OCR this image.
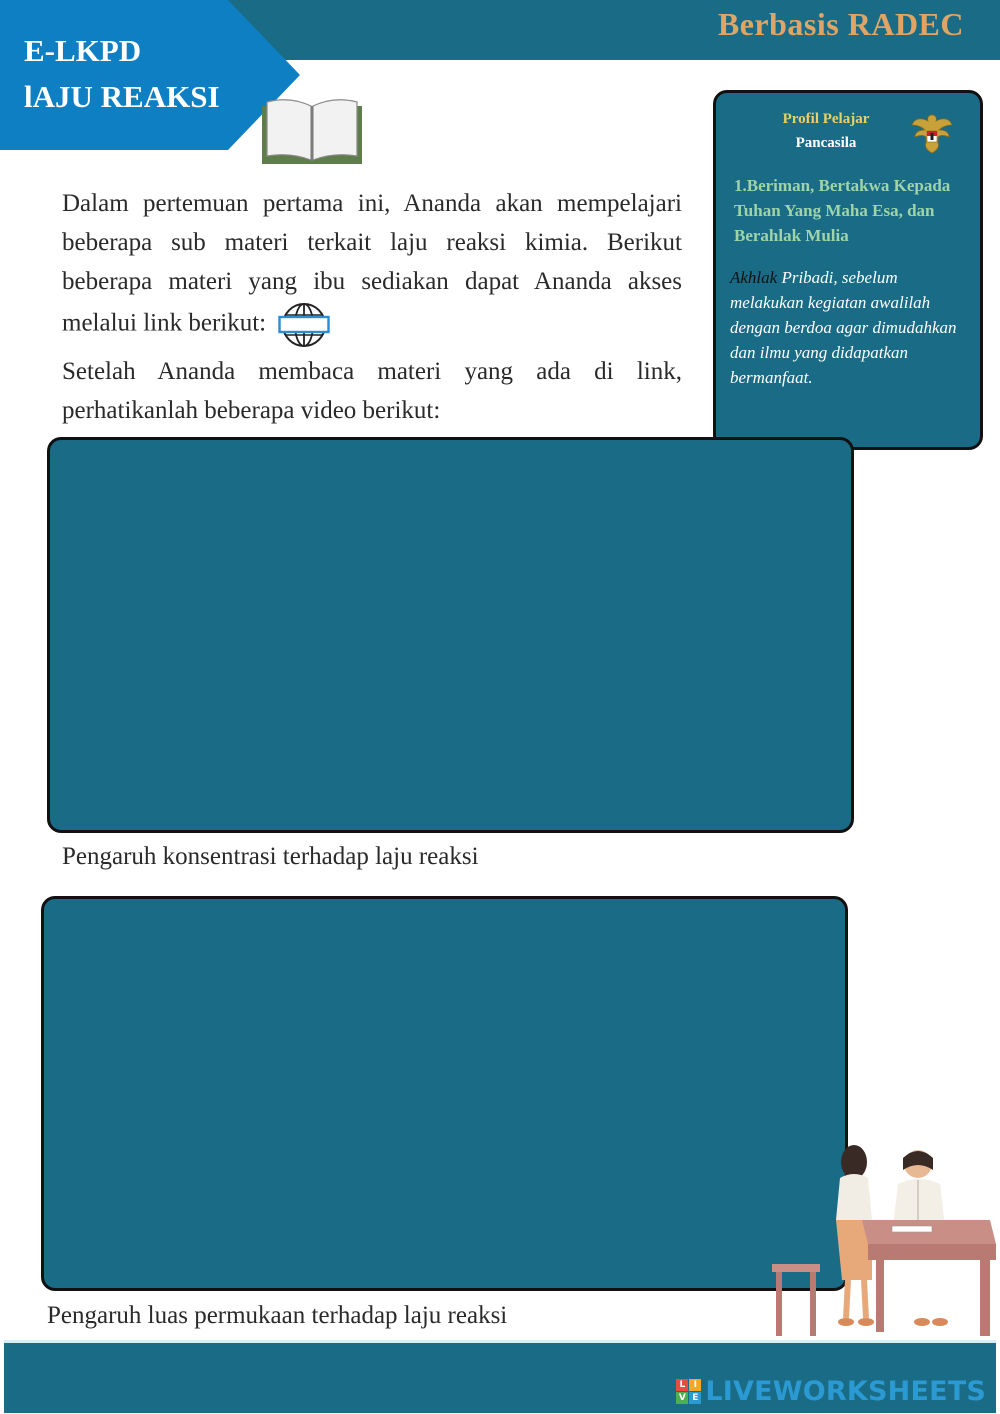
Berbasis RADEC
E-LKPD
lAJU REAKSI
Dalam pertemuan pertama ini, Ananda akan mempelajari beberapa sub materi terkait laju reaksi kimia. Berikut beberapa materi yang ibu sediakan dapat Ananda akses melalui link berikut:
Setelah Ananda membaca materi yang ada di link, perhatikanlah beberapa video berikut:
Profil Pelajar
Pancasila
1.Beriman, Bertakwa Kepada Tuhan Yang Maha Esa, dan Berahlak Mulia
Akhlak Pribadi, sebelum melakukan kegiatan awalilah dengan berdoa agar dimudahkan dan ilmu yang didapatkan bermanfaat.
Pengaruh konsentrasi terhadap laju reaksi
Pengaruh luas permukaan terhadap laju reaksi
L I
V E LIVEWORKSHEETS
